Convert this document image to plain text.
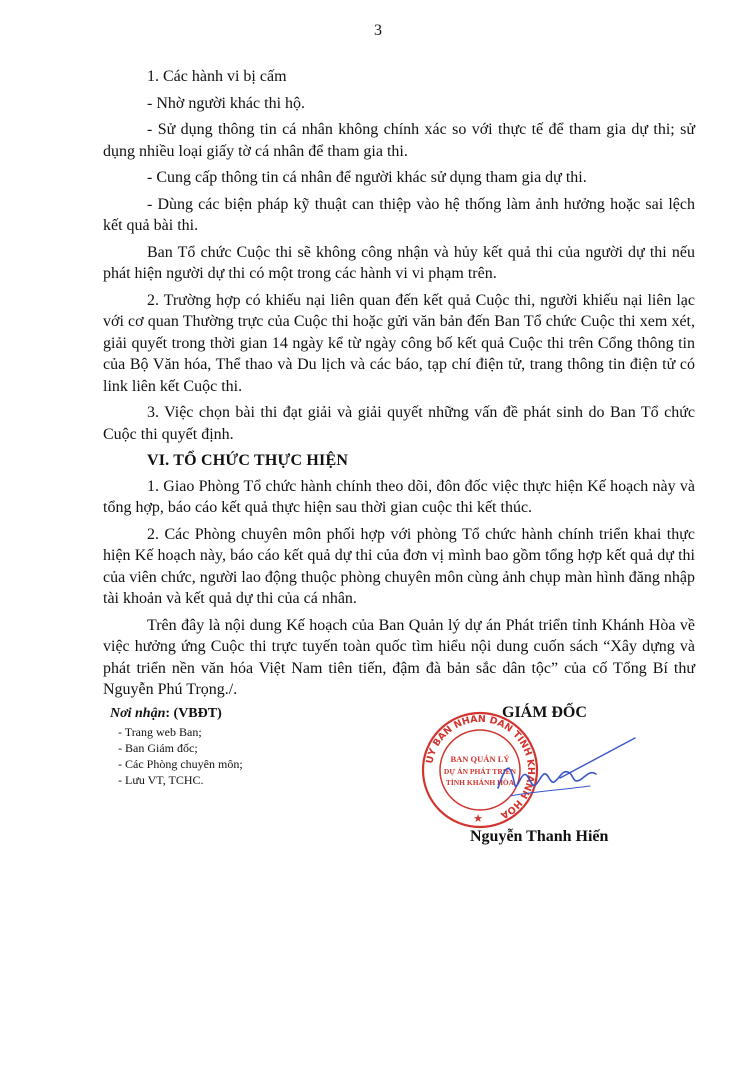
3

1. Các hành vi bị cấm

- Nhờ người khác thi hộ.

- Sử dụng thông tin cá nhân không chính xác so với thực tế để tham gia dự thi; sử dụng nhiều loại giấy tờ cá nhân để tham gia thi.

- Cung cấp thông tin cá nhân để người khác sử dụng tham gia dự thi.

- Dùng các biện pháp kỹ thuật can thiệp vào hệ thống làm ảnh hưởng hoặc sai lệch kết quả bài thi.

Ban Tổ chức Cuộc thi sẽ không công nhận và hủy kết quả thi của người dự thi nếu phát hiện người dự thi có một trong các hành vi vi phạm trên.

2. Trường hợp có khiếu nại liên quan đến kết quả Cuộc thi, người khiếu nại liên lạc với cơ quan Thường trực của Cuộc thi hoặc gửi văn bản đến Ban Tổ chức Cuộc thi xem xét, giải quyết trong thời gian 14 ngày kể từ ngày công bố kết quả Cuộc thi trên Cổng thông tin của Bộ Văn hóa, Thể thao và Du lịch và các báo, tạp chí điện tử, trang thông tin điện tử có link liên kết Cuộc thi.

3. Việc chọn bài thi đạt giải và giải quyết những vấn đề phát sinh do Ban Tổ chức Cuộc thi quyết định.

VI. TỔ CHỨC THỰC HIỆN

1. Giao Phòng Tổ chức hành chính theo dõi, đôn đốc việc thực hiện Kế hoạch này và tổng hợp, báo cáo kết quả thực hiện sau thời gian cuộc thi kết thúc.

2. Các Phòng chuyên môn phối hợp với phòng Tổ chức hành chính triển khai thực hiện Kế hoạch này, báo cáo kết quả dự thi của đơn vị mình bao gồm tổng hợp kết quả dự thi của viên chức, người lao động thuộc phòng chuyên môn cùng ảnh chụp màn hình đăng nhập tài khoản và kết quả dự thi của cá nhân.

Trên đây là nội dung Kế hoạch của Ban Quản lý dự án Phát triển tỉnh Khánh Hòa về việc hưởng ứng Cuộc thi trực tuyến toàn quốc tìm hiểu nội dung cuốn sách “Xây dựng và phát triển nền văn hóa Việt Nam tiên tiến, đậm đà bản sắc dân tộc” của cố Tổng Bí thư Nguyễn Phú Trọng./.

Nơi nhận: (VBĐT)
- Trang web Ban;
- Ban Giám đốc;
- Các Phòng chuyên môn;
- Lưu VT, TCHC.
UỶ BAN NHÂN DÂN TỈNH KHÁNH HÒA
BAN QUẢN LÝ
DỰ ÁN PHÁT TRIỂN
TỈNH KHÁNH HÒA
★
GIÁM ĐỐC
Nguyễn Thanh Hiến
